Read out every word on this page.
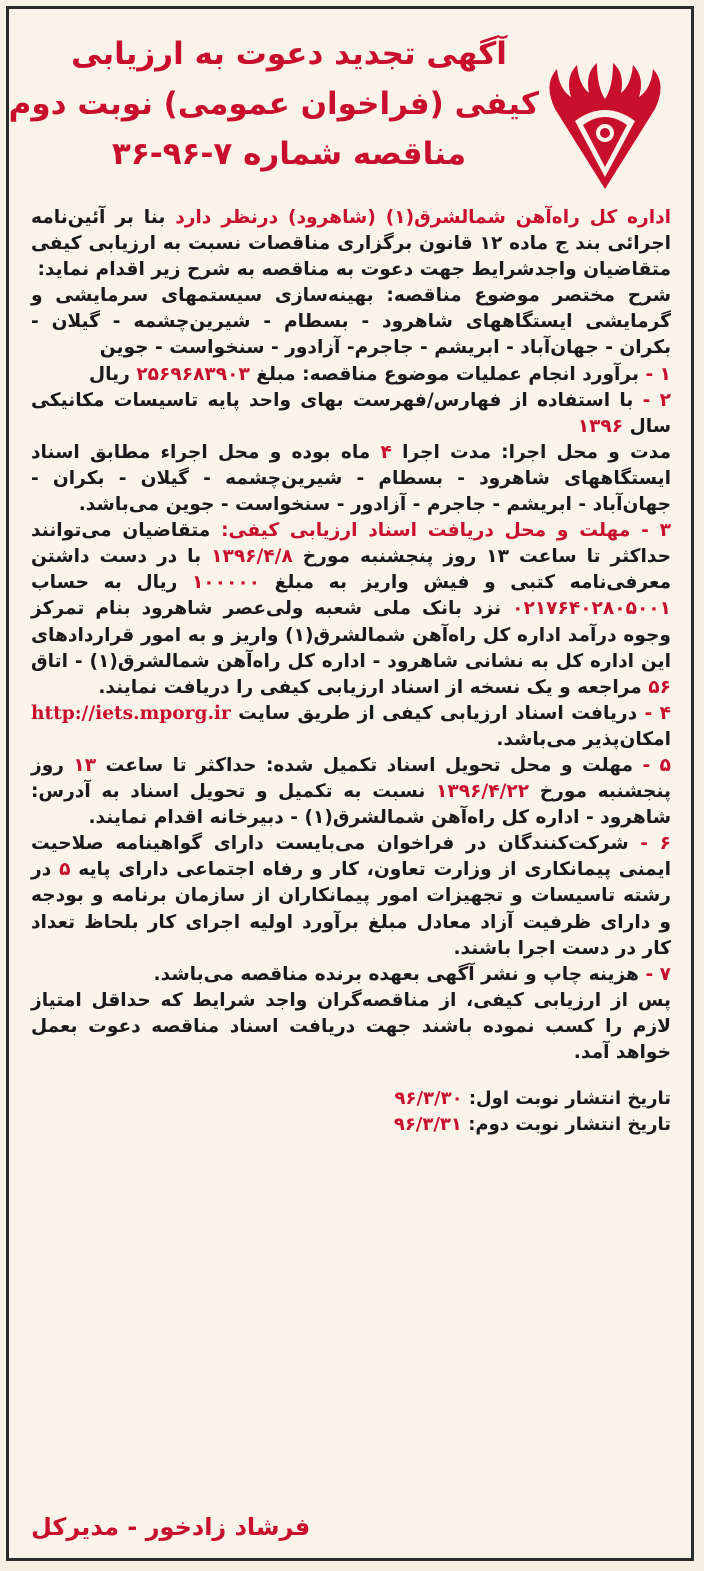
آگهی تجدید دعوت به ارزیابی
کیفی (فراخوان عمومی) نوبت دوم
مناقصه شماره ۷-۹۶-۳۶

اداره کل راه‌آهن شمالشرق(۱) (شاهرود) درنظر دارد بنا بر آئین‌نامه اجرائی بند ج ماده ۱۲ قانون برگزاری مناقصات نسبت به ارزیابی کیفی متقاضیان واجدشرایط جهت دعوت به مناقصه به شرح زیر اقدام نماید:

شرح مختصر موضوع مناقصه: بهینه‌سازی سیستمهای سرمایشی و گرمایشی ایستگاههای شاهرود - بسطام - شیرین‌چشمه - گیلان - بکران - جهان‌آباد - ابریشم - جاجرم- آزادور - سنخواست - جوین

۱ - برآورد انجام عملیات موضوع مناقصه: مبلغ ۲۵۶۹۶۸۳۹۰۳ ریال

۲ - با استفاده از فهارس/فهرست بهای واحد پایه تاسیسات مکانیکی سال ۱۳۹۶

مدت و محل اجرا: مدت اجرا ۴ ماه بوده و محل اجراء مطابق اسناد ایستگاههای شاهرود - بسطام - شیرین‌چشمه - گیلان - بکران - جهان‌آباد - ابریشم - جاجرم - آزادور - سنخواست - جوین می‌باشد.

۳ - مهلت و محل دریافت اسناد ارزیابی کیفی: متقاضیان می‌توانند حداکثر تا ساعت ۱۳ روز پنجشنبه مورخ ۱۳۹۶/۴/۸ با در دست داشتن معرفی‌نامه کتبی و فیش واریز به مبلغ ۱۰۰۰۰۰ ریال به حساب ۰۲۱۷۶۴۰۲۸۰۵۰۰۱ نزد بانک ملی شعبه ولی‌عصر شاهرود بنام تمرکز وجوه درآمد اداره کل راه‌آهن شمالشرق(۱) واریز و به امور قراردادهای این اداره کل به نشانی شاهرود - اداره کل راه‌آهن شمالشرق(۱) - اتاق ۵۶ مراجعه و یک نسخه از اسناد ارزیابی کیفی را دریافت نمایند.

۴ - دریافت اسناد ارزیابی کیفی از طریق سایت http://iets.mporg.ir امکان‌پذیر می‌باشد.

۵ - مهلت و محل تحویل اسناد تکمیل شده: حداکثر تا ساعت ۱۳ روز پنجشنبه مورخ ۱۳۹۶/۴/۲۲ نسبت به تکمیل و تحویل اسناد به آدرس: شاهرود - اداره کل راه‌آهن شمالشرق(۱) - دبیرخانه اقدام نمایند.

۶ - شرکت‌کنندگان در فراخوان می‌بایست دارای گواهینامه صلاحیت ایمنی پیمانکاری از وزارت تعاون، کار و رفاه اجتماعی دارای پایه ۵ در رشته تاسیسات و تجهیزات امور پیمانکاران از سازمان برنامه و بودجه و دارای ظرفیت آزاد معادل مبلغ برآورد اولیه اجرای کار بلحاظ تعداد کار در دست اجرا باشند.

۷ - هزینه چاپ و نشر آگهی بعهده برنده مناقصه می‌باشد.

پس از ارزیابی کیفی، از مناقصه‌گران واجد شرایط که حداقل امتیاز لازم را کسب نموده باشند جهت دریافت اسناد مناقصه دعوت بعمل خواهد آمد.

تاریخ انتشار نوبت اول: ۹۶/۳/۳۰

تاریخ انتشار نوبت دوم: ۹۶/۳/۳۱

فرشاد زادخور - مدیرکل
